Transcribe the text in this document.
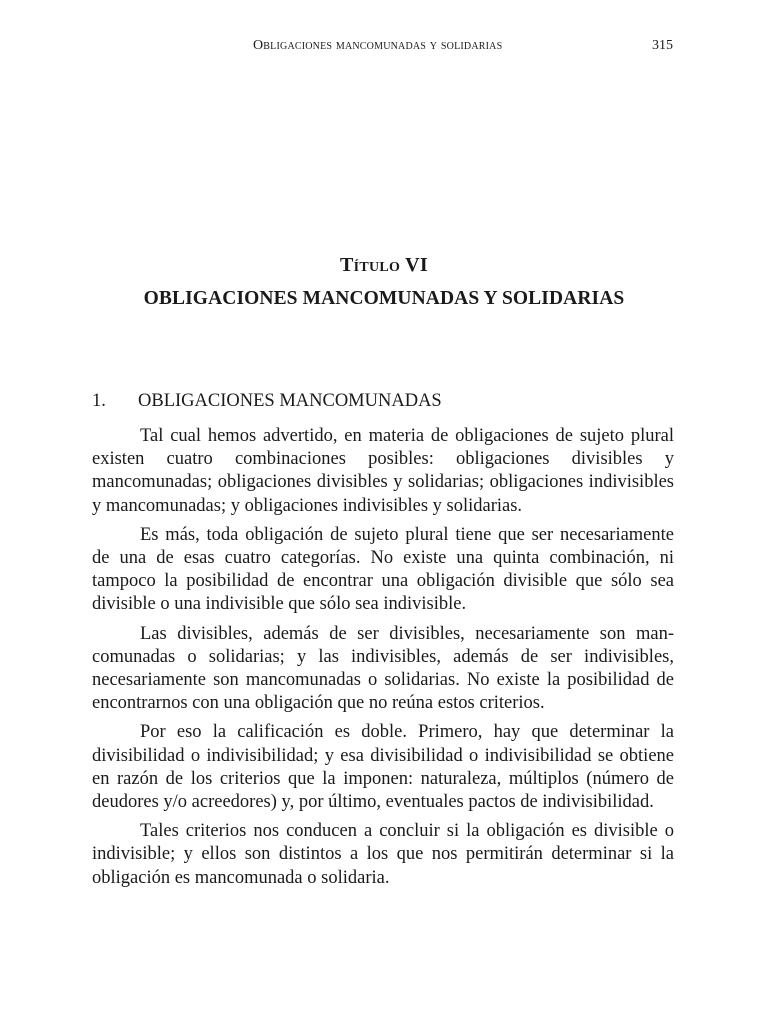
Obligaciones mancomunadas y solidarias	315
Título VI
OBLIGACIONES MANCOMUNADAS Y SOLIDARIAS
1. OBLIGACIONES MANCOMUNADAS

Tal cual hemos advertido, en materia de obligaciones de sujeto plural existen cuatro combinaciones posibles: obligaciones divisibles y mancomunadas; obligaciones divisibles y solidarias; obligaciones indivisibles y mancomunadas; y obligaciones indivisibles y solidarias.

Es más, toda obligación de sujeto plural tiene que ser necesariamente de una de esas cuatro categorías. No existe una quinta combinación, ni tampoco la posibilidad de encontrar una obligación divisible que sólo sea divisible o una indivisible que sólo sea indivisible.

Las divisibles, además de ser divisibles, necesariamente son mancomunadas o solidarias; y las indivisibles, además de ser indivisibles, necesariamente son mancomunadas o solidarias. No existe la posibilidad de encontrarnos con una obligación que no reúna estos criterios.

Por eso la calificación es doble. Primero, hay que determinar la divisibilidad o indivisibilidad; y esa divisibilidad o indivisibilidad se obtiene en razón de los criterios que la imponen: naturaleza, múltiplos (número de deudores y/o acreedores) y, por último, eventuales pactos de indivisibilidad.

Tales criterios nos conducen a concluir si la obligación es divisible o indivisible; y ellos son distintos a los que nos permitirán determinar si la obligación es mancomunada o solidaria.
